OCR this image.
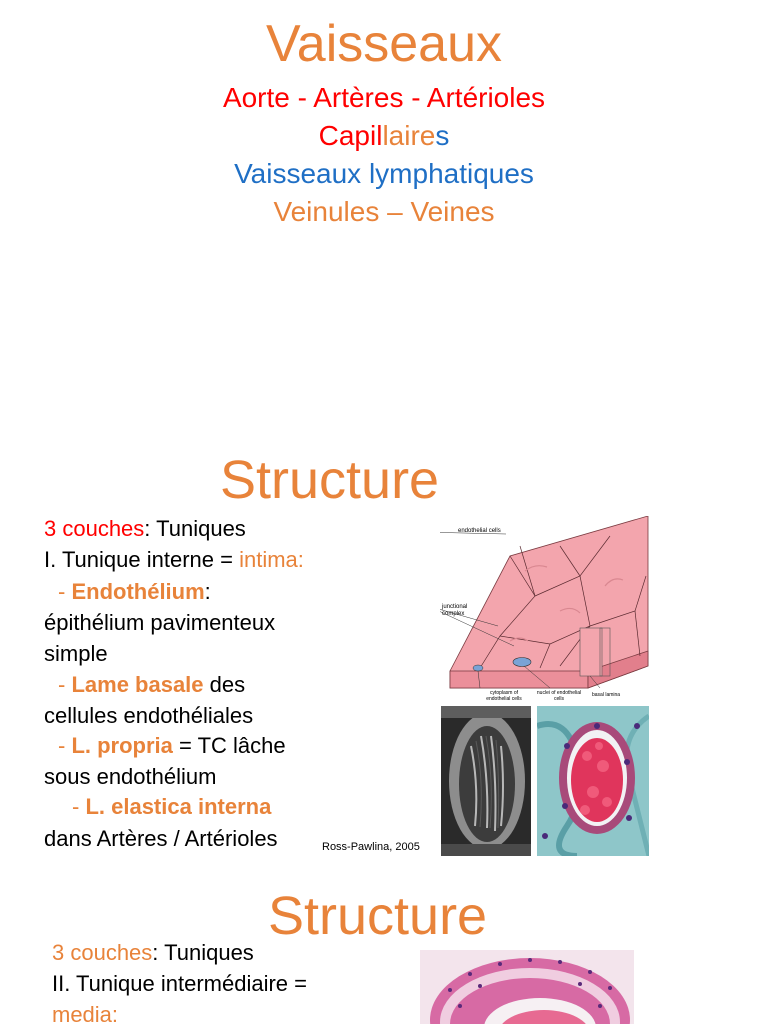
Vaisseaux
Aorte - Artères - Artérioles
Capillaires
Vaisseaux lymphatiques
Veinules – Veines
Structure
3 couches: Tuniques
I. Tunique interne = intima:
- Endothélium:
épithélium pavimenteux
simple
- Lame basale des
cellules endothéliales
- L. propria = TC lâche
sous endothélium
- L. elastica interna
dans Artères / Artérioles	Ross-Pawlina, 2005
endothelial cells
junctional complex
cytoplasm of endothelial cells
nuclei of endothelial cells
basal lamina
Structure
3 couches: Tuniques
II. Tunique intermédiaire =
media:
